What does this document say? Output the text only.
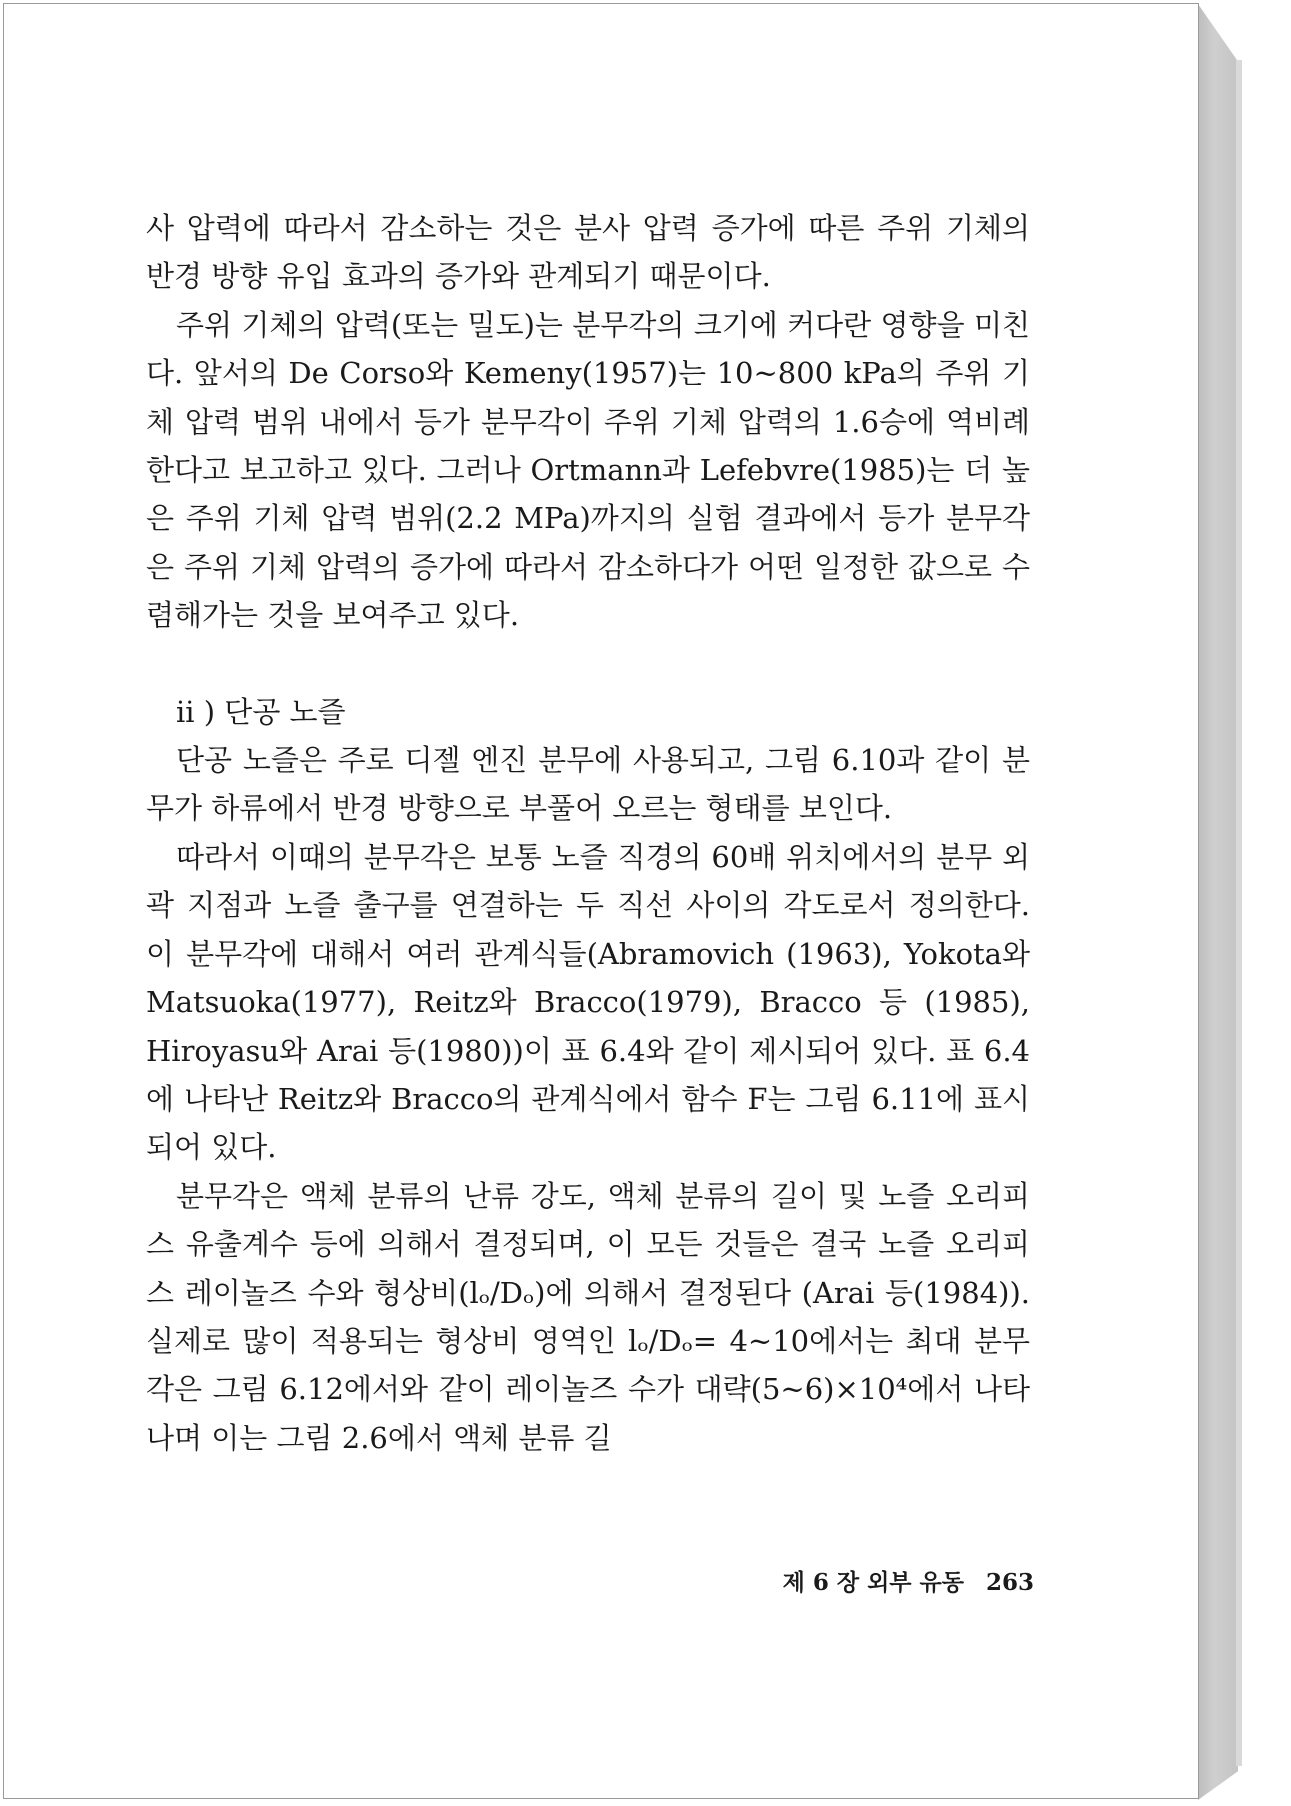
사 압력에 따라서 감소하는 것은 분사 압력 증가에 따른 주위 기체의 반경 방향 유입 효과의 증가와 관계되기 때문이다.

주위 기체의 압력(또는 밀도)는 분무각의 크기에 커다란 영향을 미친다. 앞서의 De Corso와 Kemeny(1957)는 10~800 kPa의 주위 기체 압력 범위 내에서 등가 분무각이 주위 기체 압력의 1.6승에 역비례한다고 보고하고 있다. 그러나 Ortmann과 Lefebvre(1985)는 더 높은 주위 기체 압력 범위(2.2 MPa)까지의 실험 결과에서 등가 분무각은 주위 기체 압력의 증가에 따라서 감소하다가 어떤 일정한 값으로 수렴해가는 것을 보여주고 있다.

ii ) 단공 노즐

단공 노즐은 주로 디젤 엔진 분무에 사용되고, 그림 6.10과 같이 분무가 하류에서 반경 방향으로 부풀어 오르는 형태를 보인다.

따라서 이때의 분무각은 보통 노즐 직경의 60배 위치에서의 분무 외곽 지점과 노즐 출구를 연결하는 두 직선 사이의 각도로서 정의한다. 이 분무각에 대해서 여러 관계식들(Abramovich (1963), Yokota와 Matsuoka(1977), Reitz와 Bracco(1979), Bracco 등 (1985), Hiroyasu와 Arai 등(1980))이 표 6.4와 같이 제시되어 있다. 표 6.4에 나타난 Reitz와 Bracco의 관계식에서 함수 F는 그림 6.11에 표시되어 있다.

분무각은 액체 분류의 난류 강도, 액체 분류의 길이 및 노즐 오리피스 유출계수 등에 의해서 결정되며, 이 모든 것들은 결국 노즐 오리피스 레이놀즈 수와 형상비(lₒ/Dₒ)에 의해서 결정된다 (Arai 등(1984)). 실제로 많이 적용되는 형상비 영역인 lₒ/Dₒ= 4~10에서는 최대 분무각은 그림 6.12에서와 같이 레이놀즈 수가 대략(5~6)×10⁴에서 나타나며 이는 그림 2.6에서 액체 분류 길

제 6 장 외부 유동 263
